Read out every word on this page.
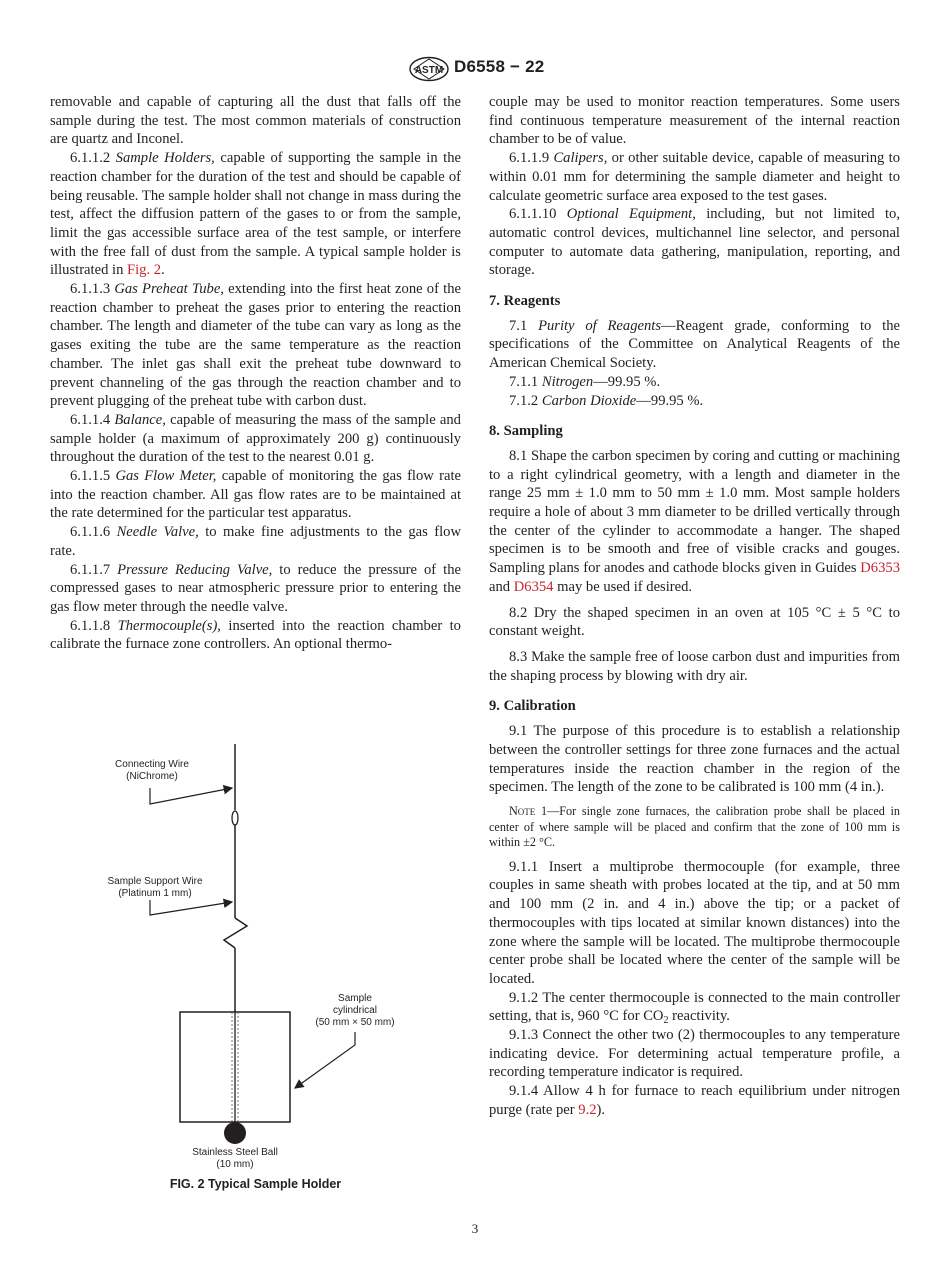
ASTM D6558 − 22

removable and capable of capturing all the dust that falls off the sample during the test. The most common materials of construction are quartz and Inconel.

6.1.1.2 Sample Holders, capable of supporting the sample in the reaction chamber for the duration of the test and should be capable of being reusable. The sample holder shall not change in mass during the test, affect the diffusion pattern of the gases to or from the sample, limit the gas accessible surface area of the test sample, or interfere with the free fall of dust from the sample. A typical sample holder is illustrated in Fig. 2.

6.1.1.3 Gas Preheat Tube, extending into the first heat zone of the reaction chamber to preheat the gases prior to entering the reaction chamber. The length and diameter of the tube can vary as long as the gases exiting the tube are the same temperature as the reaction chamber. The inlet gas shall exit the preheat tube downward to prevent channeling of the gas through the reaction chamber and to prevent plugging of the preheat tube with carbon dust.

6.1.1.4 Balance, capable of measuring the mass of the sample and sample holder (a maximum of approximately 200 g) continuously throughout the duration of the test to the nearest 0.01 g.

6.1.1.5 Gas Flow Meter, capable of monitoring the gas flow rate into the reaction chamber. All gas flow rates are to be maintained at the rate determined for the particular test apparatus.

6.1.1.6 Needle Valve, to make fine adjustments to the gas flow rate.

6.1.1.7 Pressure Reducing Valve, to reduce the pressure of the compressed gases to near atmospheric pressure prior to entering the gas flow meter through the needle valve.

6.1.1.8 Thermocouple(s), inserted into the reaction chamber to calibrate the furnace zone controllers. An optional thermo-

Connecting Wire
(NiChrome)
Sample Support Wire
(Platinum 1 mm)
Sample
cylindrical
(50 mm × 50 mm)
Stainless Steel Ball
(10 mm)
FIG. 2 Typical Sample Holder

couple may be used to monitor reaction temperatures. Some users find continuous temperature measurement of the internal reaction chamber to be of value.

6.1.1.9 Calipers, or other suitable device, capable of measuring to within 0.01 mm for determining the sample diameter and height to calculate geometric surface area exposed to the test gases.

6.1.1.10 Optional Equipment, including, but not limited to, automatic control devices, multichannel line selector, and personal computer to automate data gathering, manipulation, reporting, and storage.

7. Reagents

7.1 Purity of Reagents—Reagent grade, conforming to the specifications of the Committee on Analytical Reagents of the American Chemical Society.

7.1.1 Nitrogen—99.95 %.

7.1.2 Carbon Dioxide—99.95 %.

8. Sampling

8.1 Shape the carbon specimen by coring and cutting or machining to a right cylindrical geometry, with a length and diameter in the range 25 mm ± 1.0 mm to 50 mm ± 1.0 mm. Most sample holders require a hole of about 3 mm diameter to be drilled vertically through the center of the cylinder to accommodate a hanger. The shaped specimen is to be smooth and free of visible cracks and gouges. Sampling plans for anodes and cathode blocks given in Guides D6353 and D6354 may be used if desired.

8.2 Dry the shaped specimen in an oven at 105 °C ± 5 °C to constant weight.

8.3 Make the sample free of loose carbon dust and impurities from the shaping process by blowing with dry air.

9. Calibration

9.1 The purpose of this procedure is to establish a relationship between the controller settings for three zone furnaces and the actual temperatures inside the reaction chamber in the region of the specimen. The length of the zone to be calibrated is 100 mm (4 in.).

Note 1—For single zone furnaces, the calibration probe shall be placed in center of where sample will be placed and confirm that the zone of 100 mm is within ±2 °C.

9.1.1 Insert a multiprobe thermocouple (for example, three couples in same sheath with probes located at the tip, and at 50 mm and 100 mm (2 in. and 4 in.) above the tip; or a packet of thermocouples with tips located at similar known distances) into the zone where the sample will be located. The multiprobe thermocouple center probe shall be located where the center of the sample will be located.

9.1.2 The center thermocouple is connected to the main controller setting, that is, 960 °C for $CO_2$ reactivity.

9.1.3 Connect the other two (2) thermocouples to any temperature indicating device. For determining actual temperature profile, a recording temperature indicator is required.

9.1.4 Allow 4 h for furnace to reach equilibrium under nitrogen purge (rate per 9.2).

3
